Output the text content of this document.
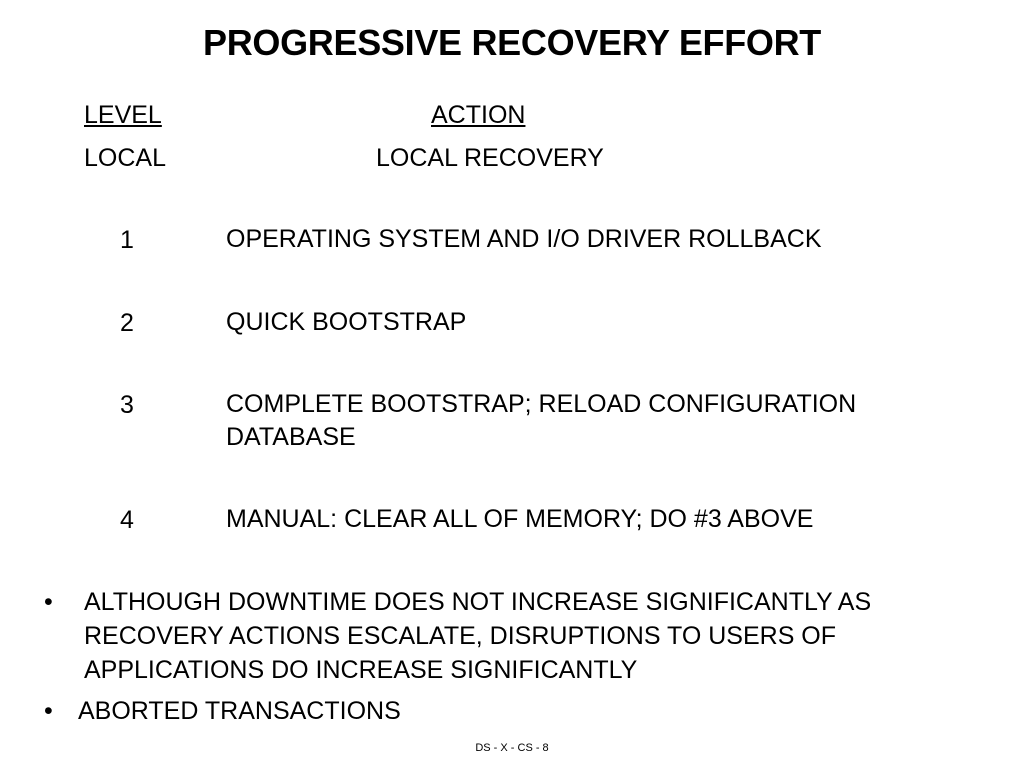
PROGRESSIVE RECOVERY EFFORT
LEVEL	ACTION
LOCAL	LOCAL RECOVERY
1	OPERATING SYSTEM AND I/O DRIVER ROLLBACK
2	QUICK BOOTSTRAP
3	COMPLETE BOOTSTRAP; RELOAD CONFIGURATION DATABASE
4	MANUAL: CLEAR ALL OF MEMORY; DO #3 ABOVE
• ALTHOUGH DOWNTIME DOES NOT INCREASE SIGNIFICANTLY AS RECOVERY ACTIONS ESCALATE, DISRUPTIONS TO USERS OF APPLICATIONS DO INCREASE SIGNIFICANTLY
• ABORTED TRANSACTIONS
DS - X - CS - 8
